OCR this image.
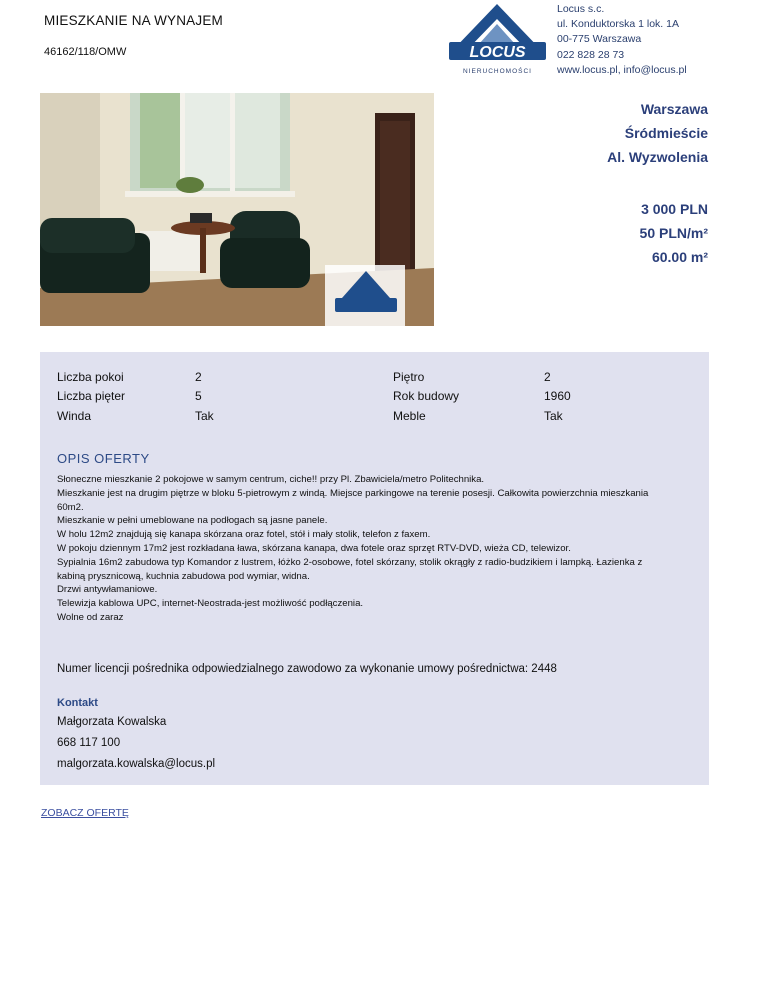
MIESZKANIE NA WYNAJEM
46162/118/OMW	LOCUS
NIERUCHOMOŚCI
Locus s.c.
ul. Konduktorska 1 lok. 1A
00-775 Warszawa
022 828 28 73
www.locus.pl, info@locus.pl
Warszawa
Śródmieście
Al. Wyzwolenia
3 000 PLN
50 PLN/m²
60.00 m²
Liczba pokoi	2	Piętro	2
Liczba pięter	5	Rok budowy	1960
Winda	Tak	Meble	Tak
OPIS OFERTY
Słoneczne mieszkanie 2 pokojowe w samym centrum, ciche!! przy Pl. Zbawiciela/metro Politechnika.
Mieszkanie jest na drugim piętrze w bloku 5-pietrowym z windą. Miejsce parkingowe na terenie posesji. Całkowita powierzchnia mieszkania
60m2.
Mieszkanie w pełni umeblowane na podłogach są jasne panele.
W holu 12m2 znajdują się kanapa skórzana oraz fotel, stół i mały stolik, telefon z faxem.
W pokoju dziennym 17m2 jest rozkładana ława, skórzana kanapa, dwa fotele oraz sprzęt RTV-DVD, wieża CD, telewizor.
Sypialnia 16m2 zabudowa typ Komandor z lustrem, łóżko 2-osobowe, fotel skórzany, stolik okrągły z radio-budzikiem i lampką. Łazienka z
kabiną prysznicową, kuchnia zabudowa pod wymiar, widna.
Drzwi antywłamaniowe.
Telewizja kablowa UPC, internet-Neostrada-jest możliwość podłączenia.
Wolne od zaraz
Numer licencji pośrednika odpowiedzialnego zawodowo za wykonanie umowy pośrednictwa: 2448
Kontakt
Małgorzata Kowalska
668 117 100
malgorzata.kowalska@locus.pl
ZOBACZ OFERTĘ
